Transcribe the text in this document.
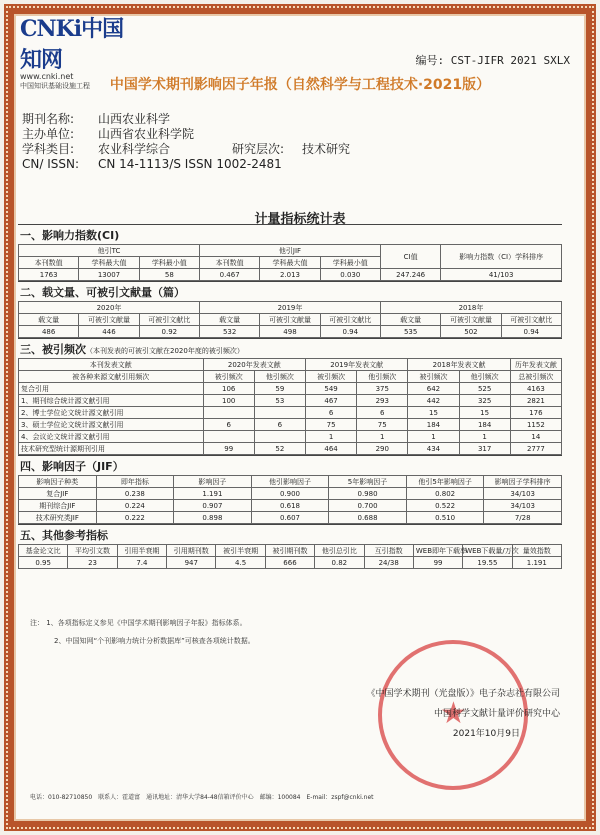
CNKi中国知网
www.cnki.net
中国知识基础设施工程
编号: CST-JIFR 2021 SXLX
中国学术期刊影响因子年报（自然科学与工程技术·2021版）
期刊名称:	山西农业科学
主办单位:	山西省农业科学院
学科类目:	农业科学综合	研究层次:	技术研究
CN/ ISSN:	CN 14-1113/S ISSN 1002-2481
计量指标统计表
一、影响力指数(CI)
他引TC			他引JIF			CI值	影响力指数（CI）学科排序
本刊数值	学科最大值	学科最小值	本刊数值	学科最大值	学科最小值		
1763	13007	58	0.467	2.013	0.030	247.246	41/103
二、载文量、可被引文献量（篇）
2020年			2019年			2018年		
载文量	可被引文献量	可被引文献比	载文量	可被引文献量	可被引文献比	载文量	可被引文献量	可被引文献比
486	446	0.92	532	498	0.94	535	502	0.94
三、被引频次（本刊发表的可被引文献在2020年度的被引频次）
本刊发表文献	2020年发表文献		2019年发表文献		2018年发表文献		历年发表文献
被各种来源文献引用频次	被引频次	他引频次	被引频次	他引频次	被引频次	他引频次	总被引频次
复合引用	106	59	549	375	642	525	4163
1、期刊综合统计源文献引用	100	53	467	293	442	325	2821
2、博士学位论文统计源文献引用			6	6	15	15	176
3、硕士学位论文统计源文献引用	6	6	75	75	184	184	1152
4、会议论文统计源文献引用			1	1	1	1	14
技术研究型统计源期刊引用	99	52	464	290	434	317	2777
四、影响因子（JIF）
影响因子种类	即年指标	影响因子	他引影响因子	5年影响因子	他引5年影响因子	影响因子学科排序
复合JIF	0.238	1.191	0.900	0.980	0.802	34/103
期刊综合JIF	0.224	0.907	0.618	0.700	0.522	34/103
技术研究类JIF	0.222	0.898	0.607	0.688	0.510	7/28
五、其他参考指标
基金论文比	平均引文数	引用半衰期	引用期刊数	被引半衰期	被引期刊数	他引总引比	互引指数	WEB即年下载率	WEB下载量/万次	量效指数
0.95	23	7.4	947	4.5	666	0.82	24/38	99	19.55	1.191
注： 1、各项指标定义参见《中国学术期刊影响因子年报》指标体系。
2、中国知网“个刊影响力统计分析数据库”可核查各项统计数据。
★
《中国学术期刊（光盘版）》电子杂志社有限公司
中国科学文献计量评价研究中心
2021年10月9日
电话：010-82710850　联系人：霍道富　通讯地址：清华大学84-48信箱评价中心　邮编：100084　E-mail：zspf@cnki.net
